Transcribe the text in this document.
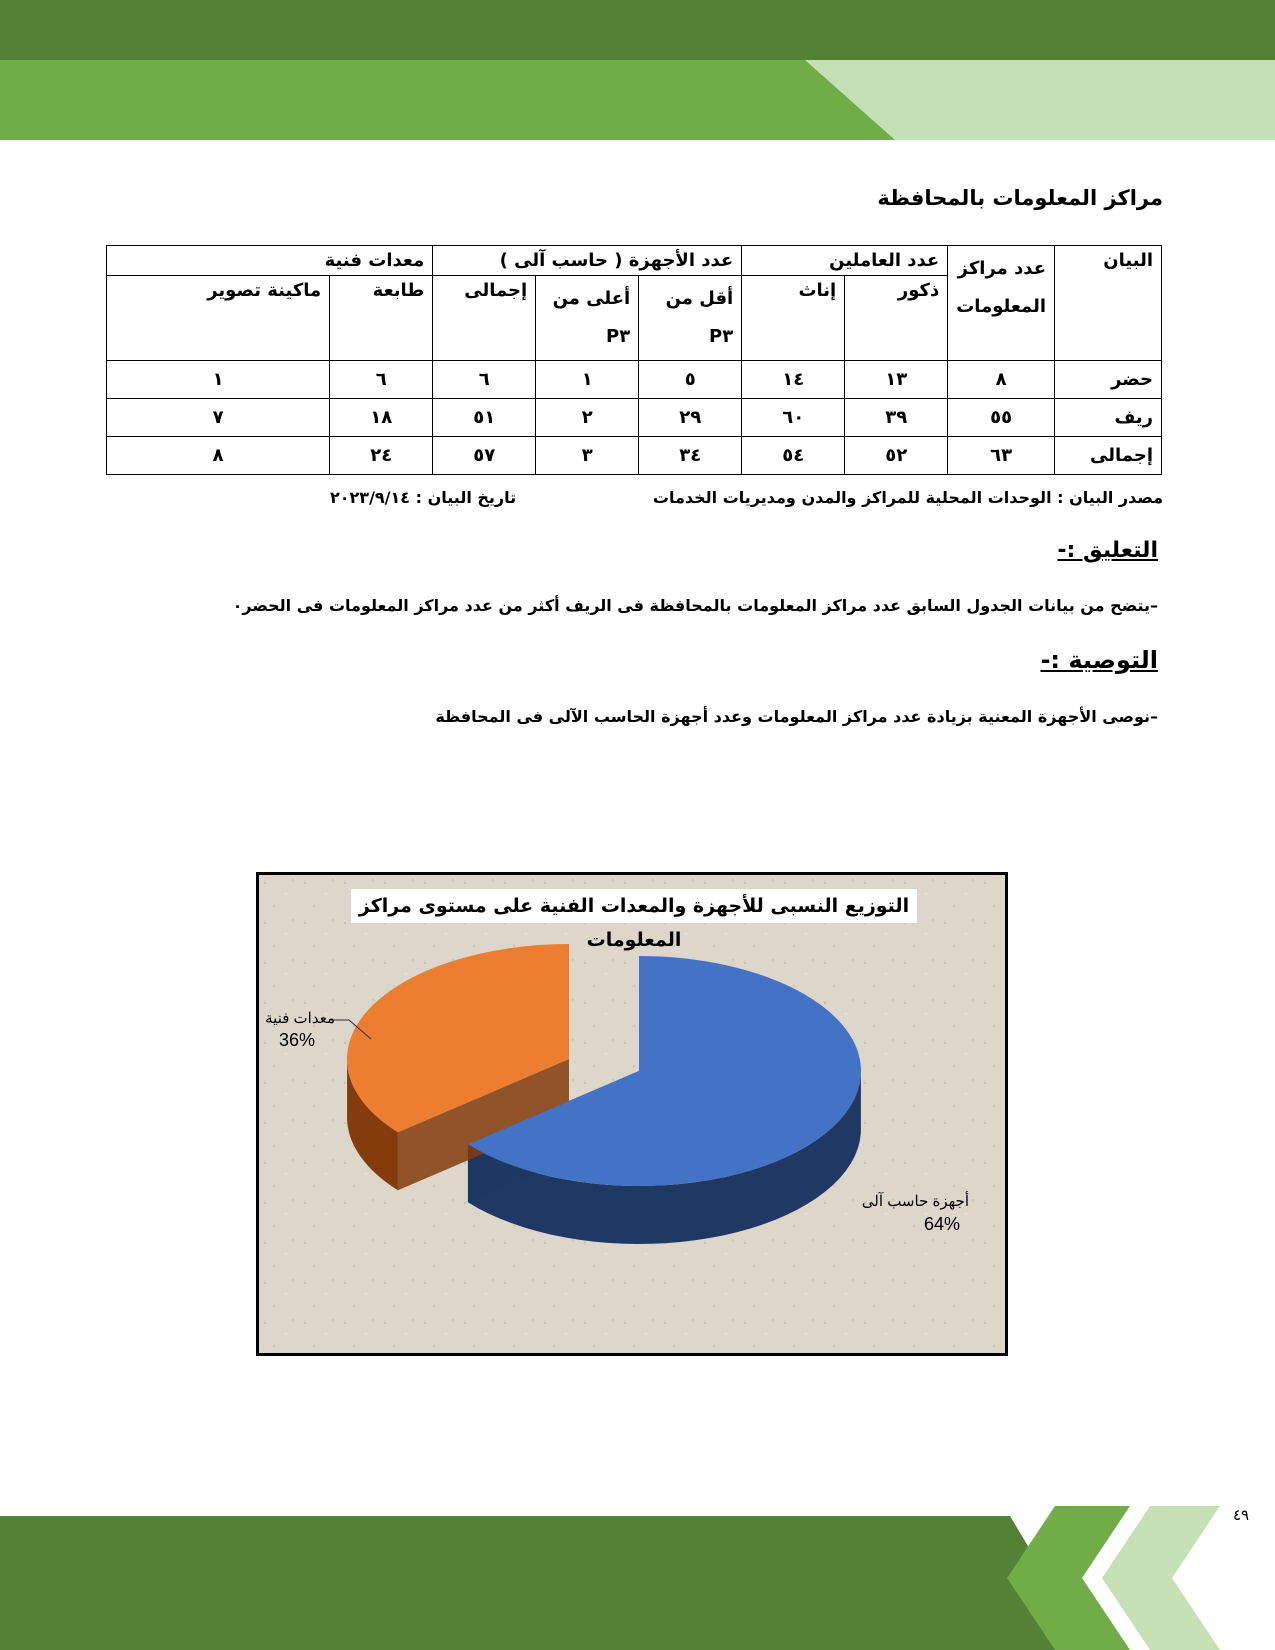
مراكز المعلومات بالمحافظة
البيان	عدد مراكز المعلومات	عدد العاملين		عدد الأجهزة ( حاسب آلى )			معدات فنية	
		ذكور	إناث	أقل من P٣	أعلى من P٣	إجمالى	طابعة	ماكينة تصوير
حضر	٨	١٣	١٤	٥	١	٦	٦	١
ريف	٥٥	٣٩	٦٠	٢٩	٢	٥١	١٨	٧
إجمالى	٦٣	٥٢	٥٤	٣٤	٣	٥٧	٢٤	٨
مصدر البيان : الوحدات المحلية للمراكز والمدن ومديريات الخدمات
تاريخ البيان : ٢٠٢٣/٩/١٤
التعليق :-
–يتضح من بيانات الجدول السابق عدد مراكز المعلومات بالمحافظة فى الريف أكثر من عدد مراكز المعلومات فى الحضر٠
التوصية :-
–نوصى الأجهزة المعنية بزيادة عدد مراكز المعلومات وعدد أجهزة الحاسب الآلى فى المحافظة
التوزيع النسبى للأجهزة والمعدات الفنية على مستوى مراكز المعلومات
معدات فنية
36%
أجهزة حاسب آلى
64%
٤٩
